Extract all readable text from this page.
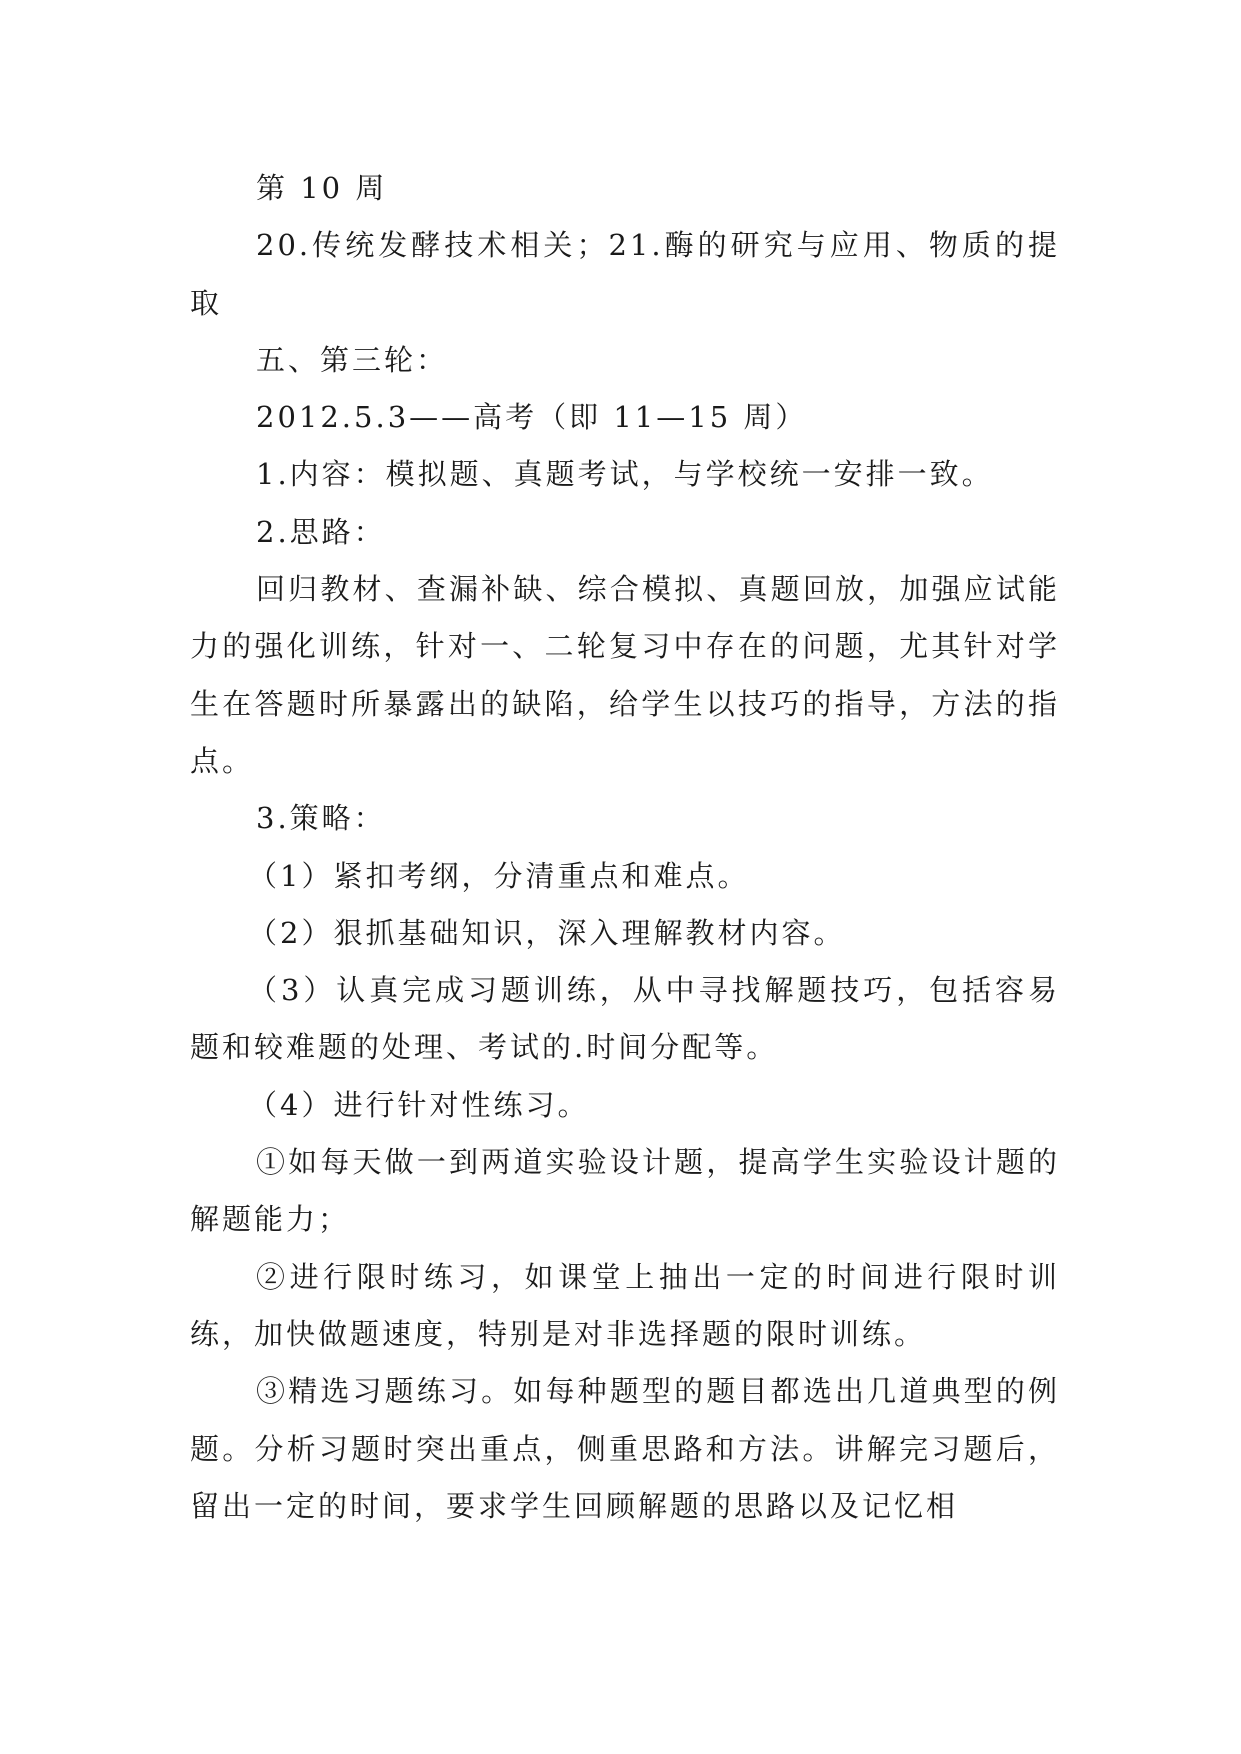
第 10 周

20.传统发酵技术相关；21.酶的研究与应用、物质的提取

五、第三轮：

2012.5.3——高考（即 11—15 周）

1.内容：模拟题、真题考试，与学校统一安排一致。

2.思路：

回归教材、查漏补缺、综合模拟、真题回放，加强应试能力的强化训练，针对一、二轮复习中存在的问题，尤其针对学生在答题时所暴露出的缺陷，给学生以技巧的指导，方法的指点。

3.策略：

（1）紧扣考纲，分清重点和难点。

（2）狠抓基础知识，深入理解教材内容。

（3）认真完成习题训练，从中寻找解题技巧，包括容易题和较难题的处理、考试的.时间分配等。

（4）进行针对性练习。

①如每天做一到两道实验设计题，提高学生实验设计题的解题能力；

②进行限时练习，如课堂上抽出一定的时间进行限时训练，加快做题速度，特别是对非选择题的限时训练。

③精选习题练习。如每种题型的题目都选出几道典型的例题。分析习题时突出重点，侧重思路和方法。讲解完习题后，留出一定的时间，要求学生回顾解题的思路以及记忆相
